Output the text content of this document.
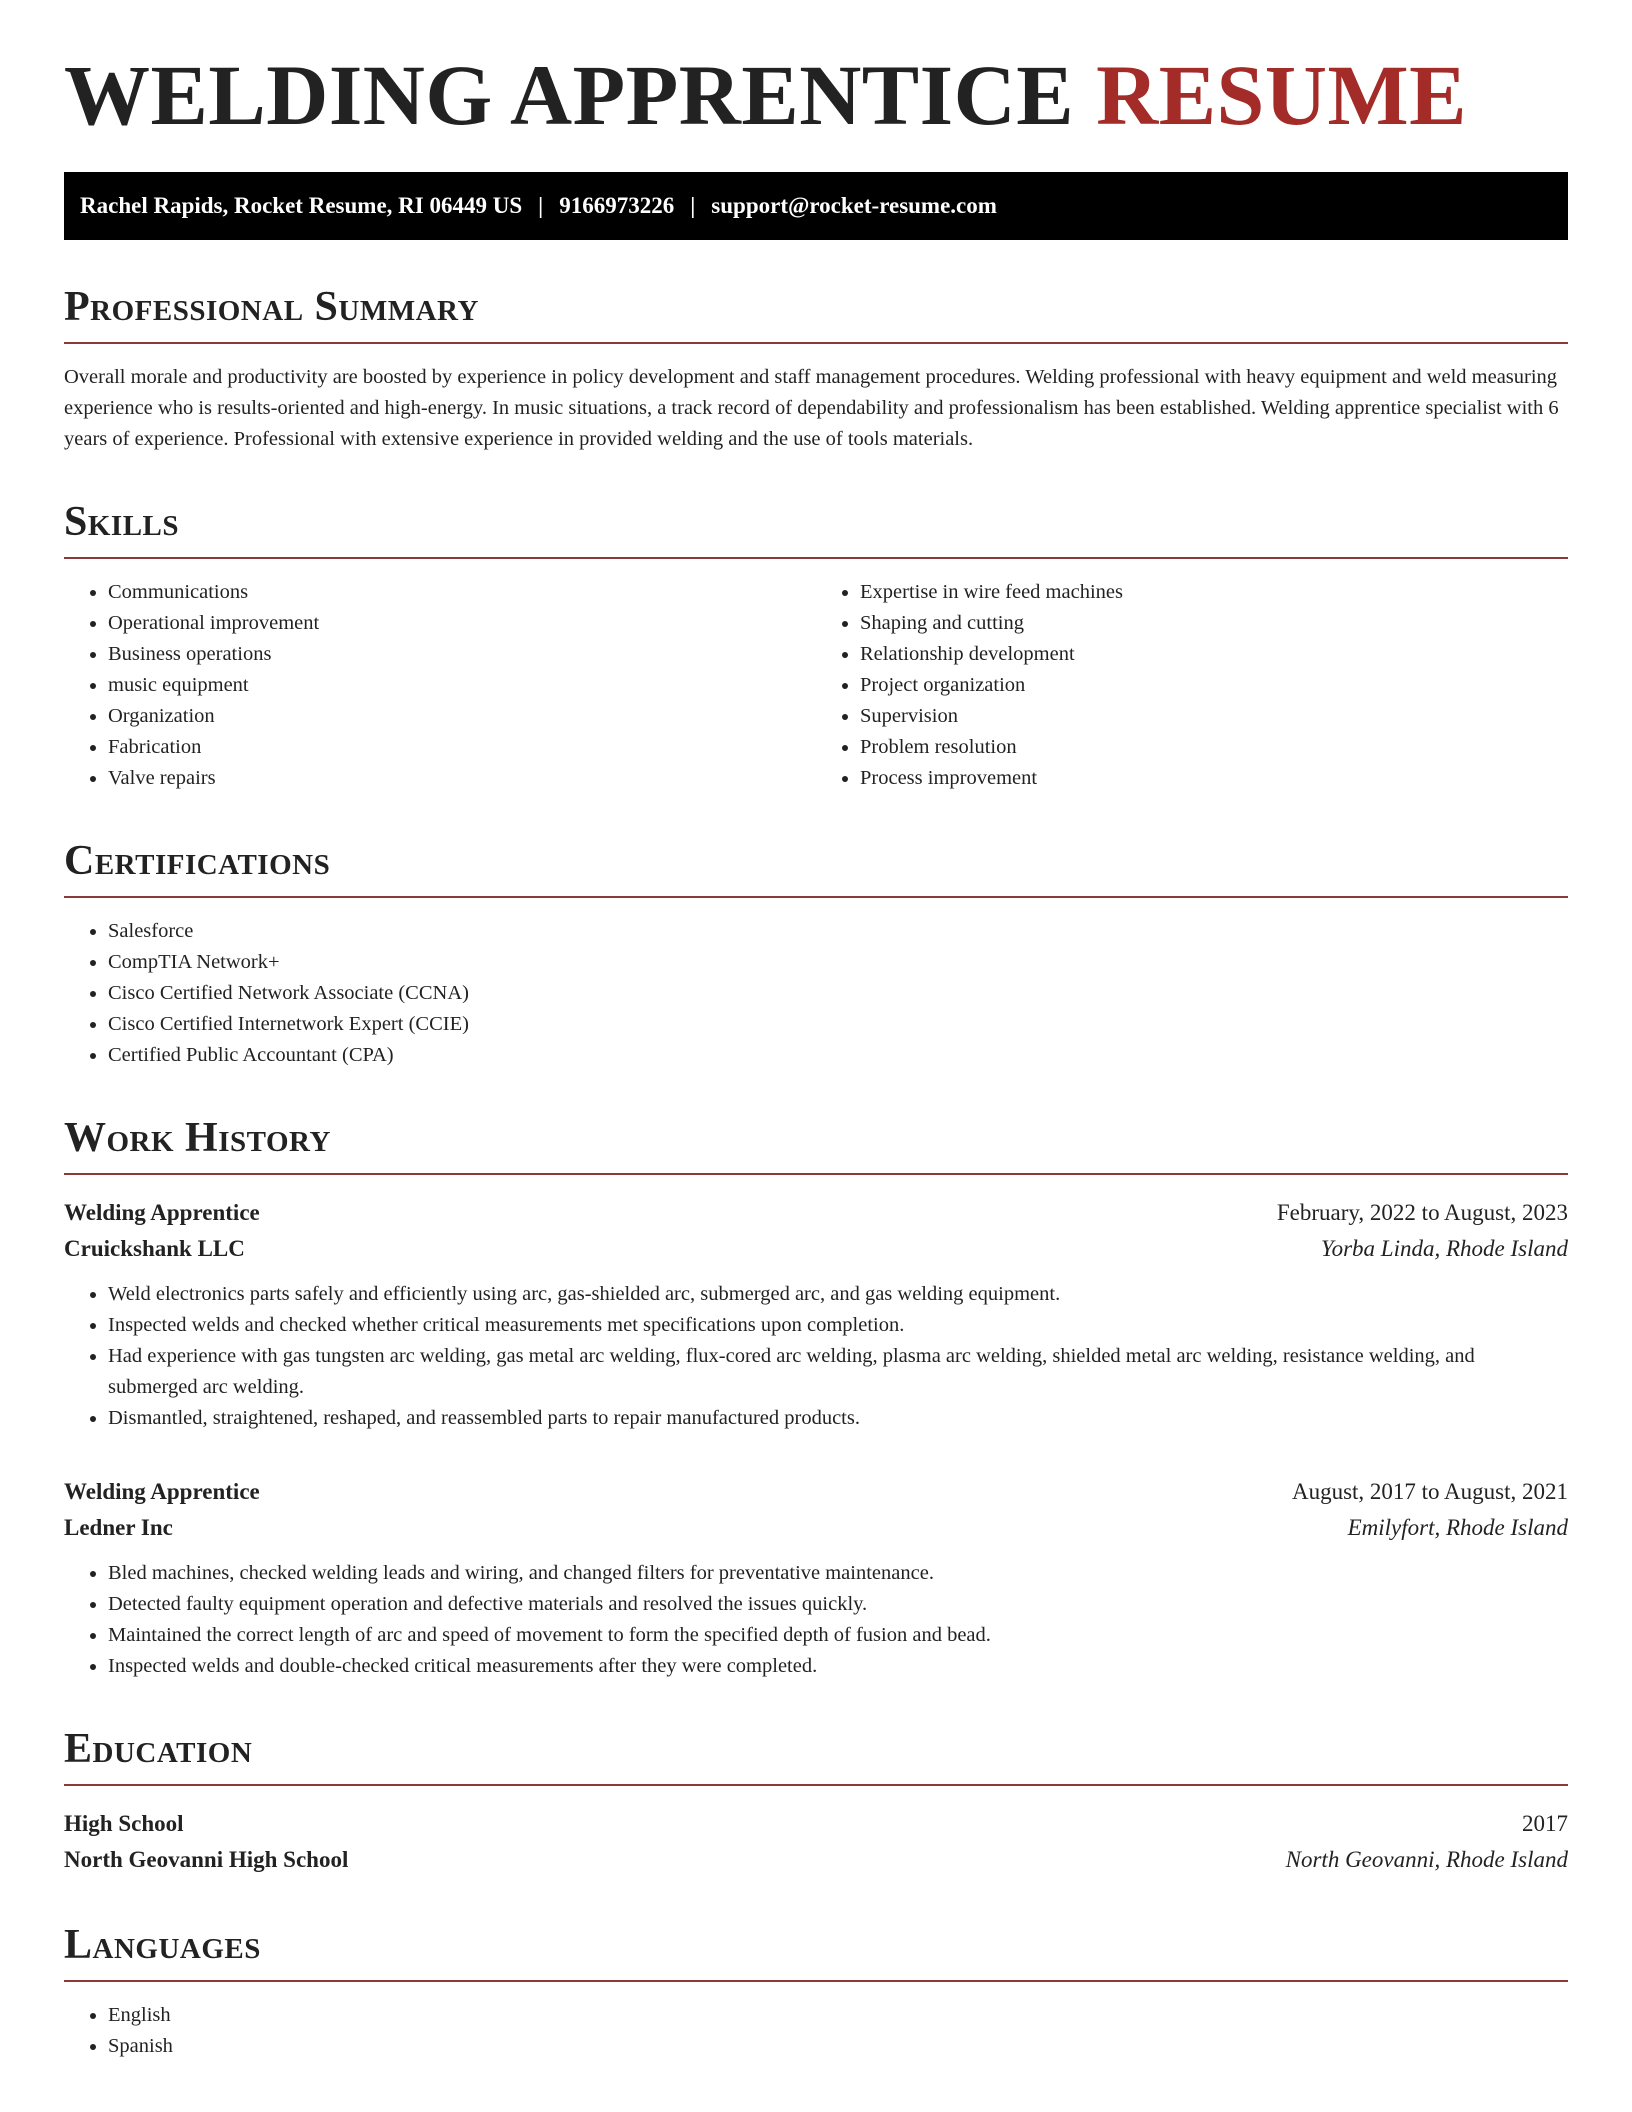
WELDING APPRENTICE RESUME
Rachel Rapids, Rocket Resume, RI 06449 US | 9166973226 | support@rocket-resume.com
Professional Summary

Overall morale and productivity are boosted by experience in policy development and staff management procedures. Welding professional with heavy equipment and weld measuring experience who is results-oriented and high-energy. In music situations, a track record of dependability and professionalism has been established. Welding apprentice specialist with 6 years of experience. Professional with extensive experience in provided welding and the use of tools materials.

Skills
• Communications
• Operational improvement
• Business operations
• music equipment
• Organization
• Fabrication
• Valve repairs
• Expertise in wire feed machines
• Shaping and cutting
• Relationship development
• Project organization
• Supervision
• Problem resolution
• Process improvement
Certifications
• Salesforce
• CompTIA Network+
• Cisco Certified Network Associate (CCNA)
• Cisco Certified Internetwork Expert (CCIE)
• Certified Public Accountant (CPA)
Work History
Welding Apprentice	February, 2022 to August, 2023
Cruickshank LLC	Yorba Linda, Rhode Island
• Weld electronics parts safely and efficiently using arc, gas-shielded arc, submerged arc, and gas welding equipment.
• Inspected welds and checked whether critical measurements met specifications upon completion.
• Had experience with gas tungsten arc welding, gas metal arc welding, flux-cored arc welding, plasma arc welding, shielded metal arc welding, resistance welding, and submerged arc welding.
• Dismantled, straightened, reshaped, and reassembled parts to repair manufactured products.
Welding Apprentice	August, 2017 to August, 2021
Ledner Inc	Emilyfort, Rhode Island
• Bled machines, checked welding leads and wiring, and changed filters for preventative maintenance.
• Detected faulty equipment operation and defective materials and resolved the issues quickly.
• Maintained the correct length of arc and speed of movement to form the specified depth of fusion and bead.
• Inspected welds and double-checked critical measurements after they were completed.
Education
High School	2017
North Geovanni High School	North Geovanni, Rhode Island
Languages
• English
• Spanish
